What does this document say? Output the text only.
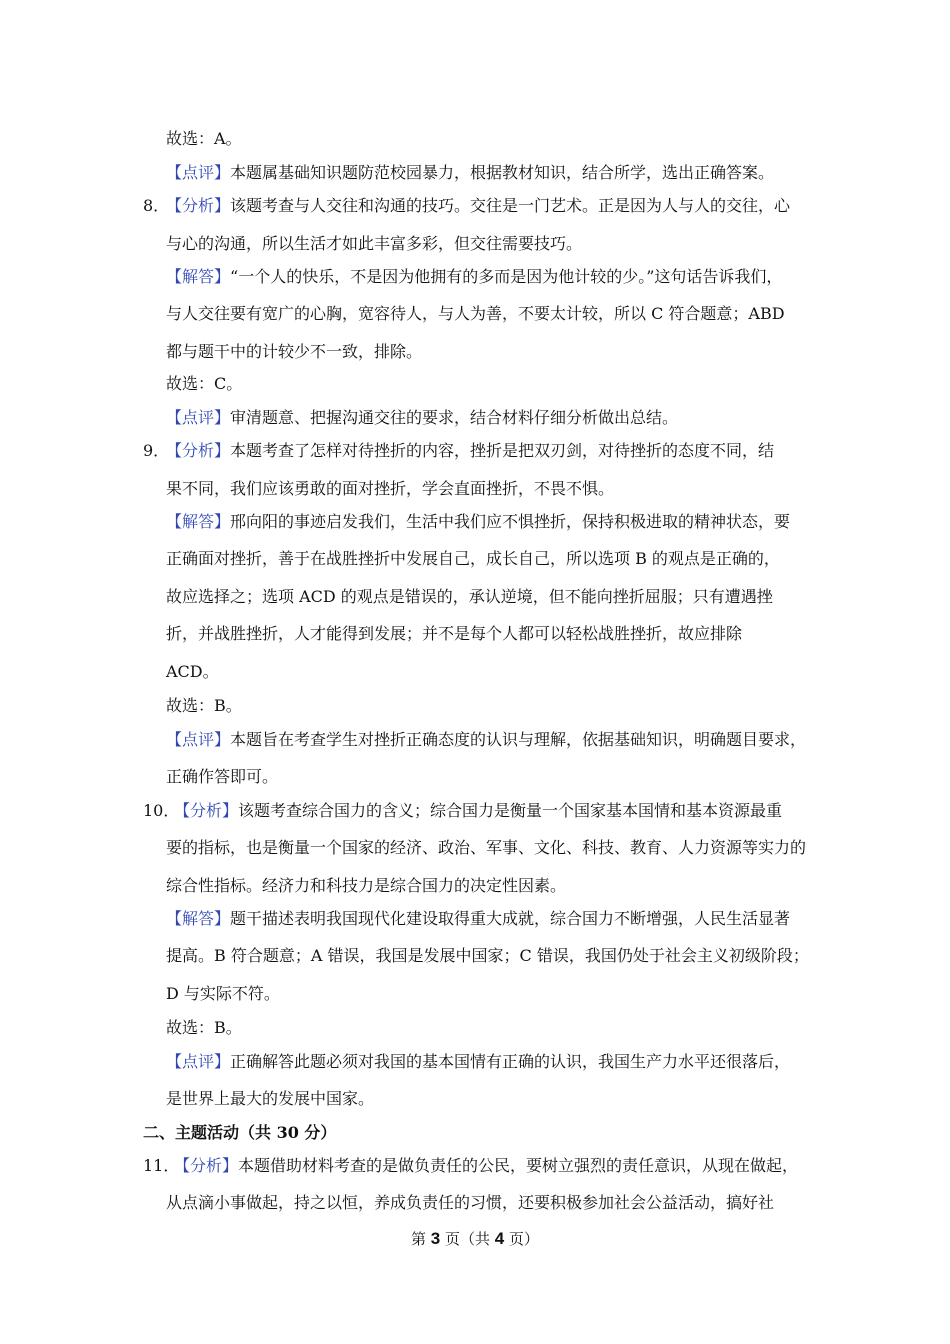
故选：A。
【点评】本题属基础知识题防范校园暴力，根据教材知识，结合所学，选出正确答案。
8．
【分析】该题考查与人交往和沟通的技巧。交往是一门艺术。正是因为人与人的交往，心
与心的沟通，所以生活才如此丰富多彩，但交往需要技巧。
【解答】“一个人的快乐，不是因为他拥有的多而是因为他计较的少。”这句话告诉我们，
与人交往要有宽广的心胸，宽容待人，与人为善，不要太计较，所以 C 符合题意；ABD
都与题干中的计较少不一致，排除。
故选：C。
【点评】审清题意、把握沟通交往的要求，结合材料仔细分析做出总结。
9．
【分析】本题考查了怎样对待挫折的内容，挫折是把双刃剑，对待挫折的态度不同，结
果不同，我们应该勇敢的面对挫折，学会直面挫折，不畏不惧。
【解答】邢向阳的事迹启发我们，生活中我们应不惧挫折，保持积极进取的精神状态，要
正确面对挫折，善于在战胜挫折中发展自己，成长自己，所以选项 B 的观点是正确的，
故应选择之；选项 ACD 的观点是错误的，承认逆境，但不能向挫折屈服；只有遭遇挫
折，并战胜挫折，人才能得到发展；并不是每个人都可以轻松战胜挫折，故应排除
ACD。
故选：B。
【点评】本题旨在考查学生对挫折正确态度的认识与理解，依据基础知识，明确题目要求，
正确作答即可。
10．
【分析】该题考查综合国力的含义；综合国力是衡量一个国家基本国情和基本资源最重
要的指标，也是衡量一个国家的经济、政治、军事、文化、科技、教育、人力资源等实力的
综合性指标。经济力和科技力是综合国力的决定性因素。
【解答】题干描述表明我国现代化建设取得重大成就，综合国力不断增强，人民生活显著
提高。B 符合题意；A 错误，我国是发展中国家；C 错误，我国仍处于社会主义初级阶段；
D 与实际不符。
故选：B。
【点评】正确解答此题必须对我国的基本国情有正确的认识，我国生产力水平还很落后，
是世界上最大的发展中国家。
二、主题活动（共 30 分）
11．
【分析】本题借助材料考查的是做负责任的公民，要树立强烈的责任意识，从现在做起，
从点滴小事做起，持之以恒，养成负责任的习惯，还要积极参加社会公益活动，搞好社
第 3 页（共 4 页）
